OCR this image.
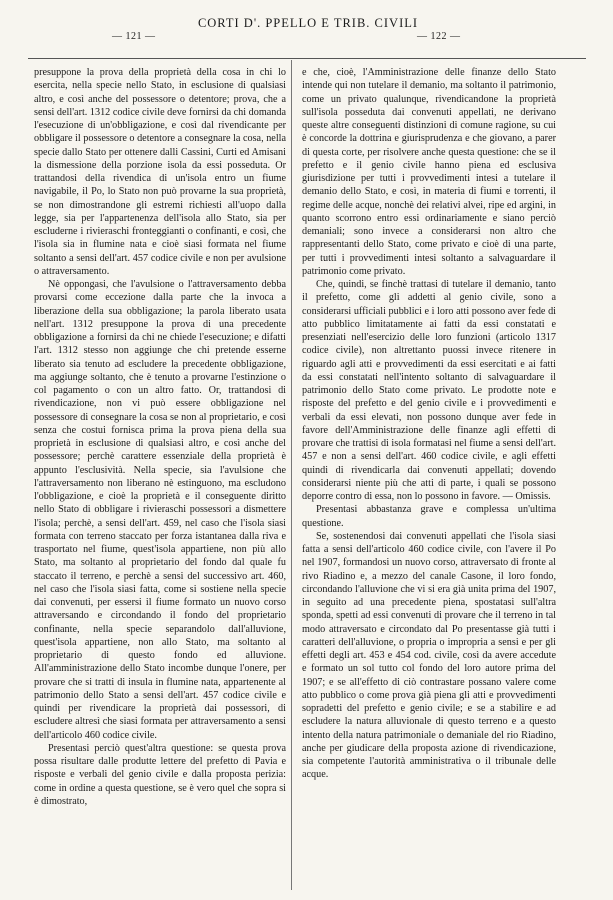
— 121 —
CORTI D'. PPELLO E TRIB. CIVILI
— 122 —

presuppone la prova della proprietà della cosa in chi lo esercita, nella specie nello Stato, in esclusione di qualsiasi altro, e così anche del possessore o detentore; prova, che a sensi dell'art. 1312 codice civile deve fornirsi da chi domanda l'esecuzione di un'obbligazione, e così dal rivendicante per obbligare il possessore o detentore a consegnare la cosa, nella specie dallo Stato per ottenere dalli Cassini, Curti ed Amisani la dismessione della porzione isola da essi posseduta. Or trattandosi della rivendica di un'isola entro un fiume navigabile, il Po, lo Stato non può provarne la sua proprietà, se non dimostrandone gli estremi richiesti all'uopo dalla legge, sia per l'appartenenza dell'isola allo Stato, sia per escluderne i rivieraschi fronteggianti o confinanti, e così, che l'isola sia in flumine nata e cioè siasi formata nel fiume soltanto a sensi dell'art. 457 codice civile e non per avulsione o attraversamento.

Nè oppongasi, che l'avulsione o l'attraversamento debba provarsi come eccezione dalla parte che la invoca a liberazione della sua obbligazione; la parola liberato usata nell'art. 1312 presuppone la prova di una precedente obbligazione a fornirsi da chi ne chiede l'esecuzione; e difatti l'art. 1312 stesso non aggiunge che chi pretende esserne liberato sia tenuto ad escludere la precedente obbligazione, ma aggiunge soltanto, che è tenuto a provarne l'estinzione o col pagamento o con un altro fatto. Or, trattandosi di rivendicazione, non vi può essere obbligazione nel possessore di consegnare la cosa se non al proprietario, e così senza che costui fornisca prima la prova piena della sua proprietà in esclusione di qualsiasi altro, e così anche del possessore; perchè carattere essenziale della proprietà è appunto l'esclusività. Nella specie, sia l'avulsione che l'attraversamento non liberano nè estinguono, ma escludono l'obbligazione, e cioè la proprietà e il conseguente diritto nello Stato di obbligare i rivieraschi possessori a dismettere l'isola; perchè, a sensi dell'art. 459, nel caso che l'isola siasi formata con terreno staccato per forza istantanea dalla riva e trasportato nel fiume, quest'isola appartiene, non più allo Stato, ma soltanto al proprietario del fondo dal quale fu staccato il terreno, e perchè a sensi del successivo art. 460, nel caso che l'isola siasi fatta, come si sostiene nella specie dai convenuti, per essersi il fiume formato un nuovo corso attraversando e circondando il fondo del proprietario confinante, nella specie separandolo dall'alluvione, quest'isola appartiene, non allo Stato, ma soltanto al proprietario di questo fondo ed alluvione. All'amministrazione dello Stato incombe dunque l'onere, per provare che si tratti di insula in flumine nata, appartenente al patrimonio dello Stato a sensi dell'art. 457 codice civile e quindi per rivendicare la proprietà dai possessori, di escludere altresì che siasi formata per attraversamento a sensi dell'articolo 460 codice civile.

Presentasi perciò quest'altra questione: se questa prova possa risultare dalle produtte lettere del prefetto di Pavia e risposte e verbali del genio civile e dalla proposta perizia: come in ordine a questa questione, se è vero quel che sopra si è dimostrato,

e che, cioè, l'Amministrazione delle finanze dello Stato intende qui non tutelare il demanio, ma soltanto il patrimonio, come un privato qualunque, rivendicandone la proprietà sull'isola posseduta dai convenuti appellati, ne derivano queste altre conseguenti distinzioni di comune ragione, su cui è concorde la dottrina e giurisprudenza e che giovano, a parer di questa corte, per risolvere anche questa questione: che se il prefetto e il genio civile hanno piena ed esclusiva giurisdizione per tutti i provvedimenti intesi a tutelare il demanio dello Stato, e così, in materia di fiumi e torrenti, il regime delle acque, nonchè dei relativi alvei, ripe ed argini, in quanto scorrono entro essi ordinariamente e siano perciò demaniali; sono invece a considerarsi non altro che rappresentanti dello Stato, come privato e cioè di una parte, per tutti i provvedimenti intesi soltanto a salvaguardare il patrimonio come privato.

Che, quindi, se finchè trattasi di tutelare il demanio, tanto il prefetto, come gli addetti al genio civile, sono a considerarsi ufficiali pubblici e i loro atti possono aver fede di atto pubblico limitatamente ai fatti da essi constatati e presenziati nell'esercizio delle loro funzioni (articolo 1317 codice civile), non altrettanto puossi invece ritenere in riguardo agli atti e provvedimenti da essi esercitati e ai fatti da essi constatati nell'intento soltanto di salvaguardare il patrimonio dello Stato come privato. Le prodotte note e risposte del prefetto e del genio civile e i provvedimenti e verbali da essi elevati, non possono dunque aver fede in favore dell'Amministrazione delle finanze agli effetti di provare che trattisi di isola formatasi nel fiume a sensi dell'art. 457 e non a sensi dell'art. 460 codice civile, e agli effetti quindi di rivendicarla dai convenuti appellati; dovendo considerarsi niente più che atti di parte, i quali se possono deporre contro di essa, non lo possono in favore. — Omissis.

Presentasi abbastanza grave e complessa un'ultima questione.

Se, sostenendosi dai convenuti appellati che l'isola siasi fatta a sensi dell'articolo 460 codice civile, con l'avere il Po nel 1907, formandosi un nuovo corso, attraversato di fronte al rivo Riadino e, a mezzo del canale Casone, il loro fondo, circondando l'alluvione che vi si era già unita prima del 1907, in seguito ad una precedente piena, spostatasi sull'altra sponda, spetti ad essi convenuti di provare che il terreno in tal modo attraversato e circondato dal Po presentasse già tutti i caratteri dell'alluvione, o propria o impropria a sensi e per gli effetti degli art. 453 e 454 cod. civile, così da avere accedute e formato un sol tutto col fondo del loro autore prima del 1907; e se all'effetto di ciò contrastare possano valere come atto pubblico o come prova già piena gli atti e provvedimenti sopradetti del prefetto e genio civile; e se a stabilire e ad escludere la natura alluvionale di questo terreno e a questo intento della natura patrimoniale o demaniale del rio Riadino, anche per giudicare della proposta azione di rivendicazione, sia competente l'autorità amministrativa o il tribunale delle acque.
